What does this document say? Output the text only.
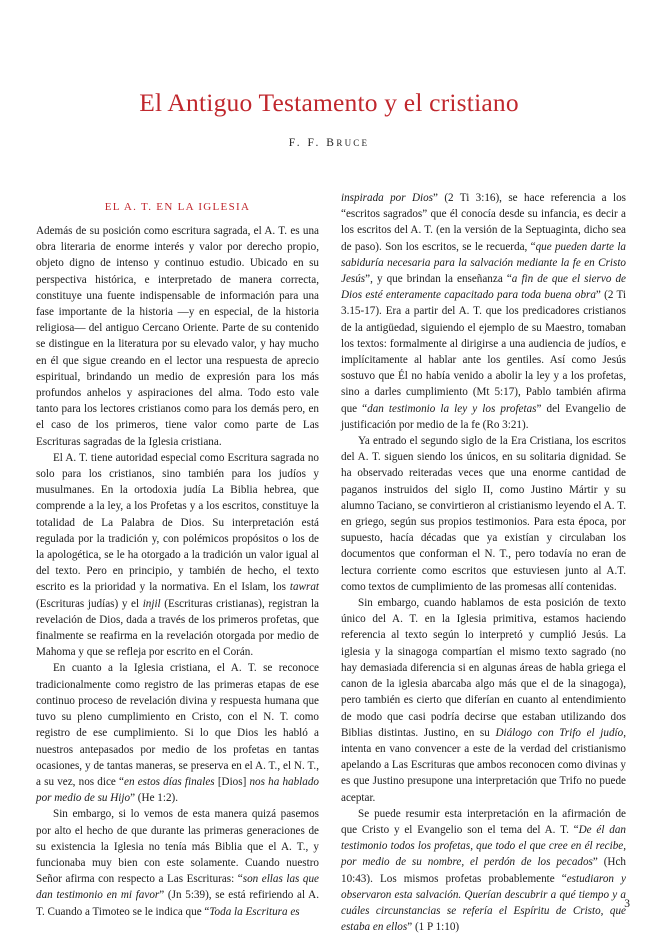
El Antiguo Testamento y el cristiano
F. F. BRUCE
EL A. T. EN LA IGLESIA

Además de su posición como escritura sagrada, el A. T. es una obra literaria de enorme interés y valor por derecho propio, objeto digno de intenso y continuo estudio. Ubicado en su perspectiva histórica, e interpretado de manera correcta, constituye una fuente indispensable de información para una fase importante de la historia —y en especial, de la historia religiosa— del antiguo Cercano Oriente. Parte de su contenido se distingue en la literatura por su elevado valor, y hay mucho en él que sigue creando en el lector una respuesta de aprecio espiritual, brindando un medio de expresión para los más profundos anhelos y aspiraciones del alma. Todo esto vale tanto para los lectores cristianos como para los demás pero, en el caso de los primeros, tiene valor como parte de Las Escrituras sagradas de la Iglesia cristiana.

El A. T. tiene autoridad especial como Escritura sagrada no solo para los cristianos, sino también para los judíos y musulmanes. En la ortodoxia judía La Biblia hebrea, que comprende a la ley, a los Profetas y a los escritos, constituye la totalidad de La Palabra de Dios. Su interpretación está regulada por la tradición y, con polémicos propósitos o los de la apologética, se le ha otorgado a la tradición un valor igual al del texto. Pero en principio, y también de hecho, el texto escrito es la prioridad y la normativa. En el Islam, los tawrat (Escrituras judías) y el injil (Escrituras cristianas), registran la revelación de Dios, dada a través de los primeros profetas, que finalmente se reafirma en la revelación otorgada por medio de Mahoma y que se refleja por escrito en el Corán.

En cuanto a la Iglesia cristiana, el A. T. se reconoce tradicionalmente como registro de las primeras etapas de ese continuo proceso de revelación divina y respuesta humana que tuvo su pleno cumplimiento en Cristo, con el N. T. como registro de ese cumplimiento. Si lo que Dios les habló a nuestros antepasados por medio de los profetas en tantas ocasiones, y de tantas maneras, se preserva en el A. T., el N. T., a su vez, nos dice “en estos días finales [Dios] nos ha hablado por medio de su Hijo” (He 1:2).

Sin embargo, si lo vemos de esta manera quizá pasemos por alto el hecho de que durante las primeras generaciones de su existencia la Iglesia no tenía más Biblia que el A. T., y funcionaba muy bien con este solamente. Cuando nuestro Señor afirma con respecto a Las Escrituras: “son ellas las que dan testimonio en mi favor” (Jn 5:39), se está refiriendo al A. T. Cuando a Timoteo se le indica que “Toda la Escritura es

inspirada por Dios” (2 Ti 3:16), se hace referencia a los “escritos sagrados” que él conocía desde su infancia, es decir a los escritos del A. T. (en la versión de la Septuaginta, dicho sea de paso). Son los escritos, se le recuerda, “que pueden darte la sabiduría necesaria para la salvación mediante la fe en Cristo Jesús”, y que brindan la enseñanza “a fin de que el siervo de Dios esté enteramente capacitado para toda buena obra” (2 Ti 3.15-17). Era a partir del A. T. que los predicadores cristianos de la antigüedad, siguiendo el ejemplo de su Maestro, tomaban los textos: formalmente al dirigirse a una audiencia de judíos, e implícitamente al hablar ante los gentiles. Así como Jesús sostuvo que Él no había venido a abolir la ley y a los profetas, sino a darles cumplimiento (Mt 5:17), Pablo también afirma que “dan testimonio la ley y los profetas” del Evangelio de justificación por medio de la fe (Ro 3:21).

Ya entrado el segundo siglo de la Era Cristiana, los escritos del A. T. siguen siendo los únicos, en su solitaria dignidad. Se ha observado reiteradas veces que una enorme cantidad de paganos instruidos del siglo II, como Justino Mártir y su alumno Taciano, se convirtieron al cristianismo leyendo el A. T. en griego, según sus propios testimonios. Para esta época, por supuesto, hacía décadas que ya existían y circulaban los documentos que conforman el N. T., pero todavía no eran de lectura corriente como escritos que estuviesen junto al A.T. como textos de cumplimiento de las promesas allí contenidas.

Sin embargo, cuando hablamos de esta posición de texto único del A. T. en la Iglesia primitiva, estamos haciendo referencia al texto según lo interpretó y cumplió Jesús. La iglesia y la sinagoga compartían el mismo texto sagrado (no hay demasiada diferencia si en algunas áreas de habla griega el canon de la iglesia abarcaba algo más que el de la sinagoga), pero también es cierto que diferían en cuanto al entendimiento de modo que casi podría decirse que estaban utilizando dos Biblias distintas. Justino, en su Diálogo con Trifo el judío, intenta en vano convencer a este de la verdad del cristianismo apelando a Las Escrituras que ambos reconocen como divinas y es que Justino presupone una interpretación que Trifo no puede aceptar.

Se puede resumir esta interpretación en la afirmación de que Cristo y el Evangelio son el tema del A. T. “De él dan testimonio todos los profetas, que todo el que cree en él recibe, por medio de su nombre, el perdón de los pecados” (Hch 10:43). Los mismos profetas probablemente “estudiaron y observaron esta salvación. Querían descubrir a qué tiempo y a cuáles circunstancias se refería el Espíritu de Cristo, que estaba en ellos” (1 P 1:10)

3
